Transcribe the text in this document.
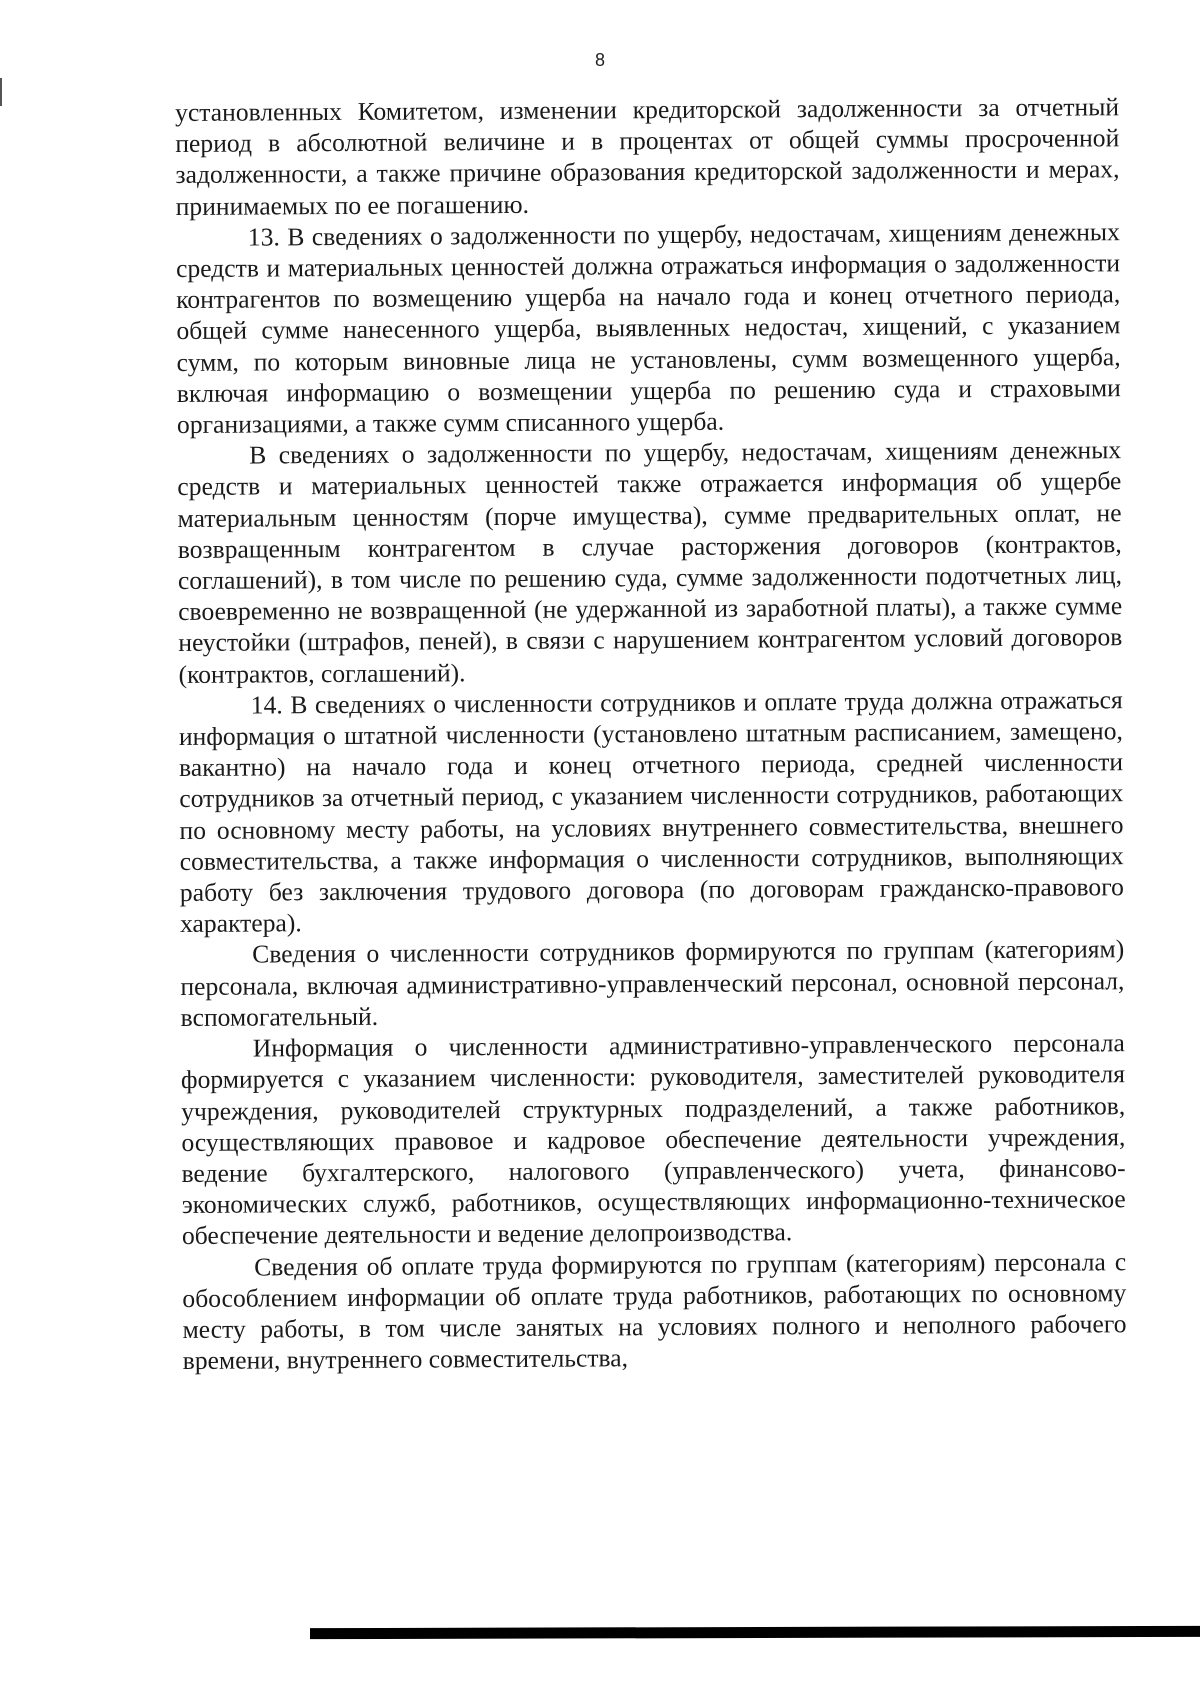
8

установленных Комитетом, изменении кредиторской задолженности за отчетный период в абсолютной величине и в процентах от общей суммы просроченной задолженности, а также причине образования кредиторской задолженности и мерах, принимаемых по ее погашению.

13. В сведениях о задолженности по ущербу, недостачам, хищениям денежных средств и материальных ценностей должна отражаться информация о задолженности контрагентов по возмещению ущерба на начало года и конец отчетного периода, общей сумме нанесенного ущерба, выявленных недостач, хищений, с указанием сумм, по которым виновные лица не установлены, сумм возмещенного ущерба, включая информацию о возмещении ущерба по решению суда и страховыми организациями, а также сумм списанного ущерба.

В сведениях о задолженности по ущербу, недостачам, хищениям денежных средств и материальных ценностей также отражается информация об ущербе материальным ценностям (порче имущества), сумме предварительных оплат, не возвращенным контрагентом в случае расторжения договоров (контрактов, соглашений), в том числе по решению суда, сумме задолженности подотчетных лиц, своевременно не возвращенной (не удержанной из заработной платы), а также сумме неустойки (штрафов, пеней), в связи с нарушением контрагентом условий договоров (контрактов, соглашений).

14. В сведениях о численности сотрудников и оплате труда должна отражаться информация о штатной численности (установлено штатным расписанием, замещено, вакантно) на начало года и конец отчетного периода, средней численности сотрудников за отчетный период, с указанием численности сотрудников, работающих по основному месту работы, на условиях внутреннего совместительства, внешнего совместительства, а также информация о численности сотрудников, выполняющих работу без заключения трудового договора (по договорам гражданско-правового характера).

Сведения о численности сотрудников формируются по группам (категориям) персонала, включая административно-управленческий персонал, основной персонал, вспомогательный.

Информация о численности административно-управленческого персонала формируется с указанием численности: руководителя, заместителей руководителя учреждения, руководителей структурных подразделений, а также работников, осуществляющих правовое и кадровое обеспечение деятельности учреждения, ведение бухгалтерского, налогового (управленческого) учета, финансово-экономических служб, работников, осуществляющих информационно-техническое обеспечение деятельности и ведение делопроизводства.

Сведения об оплате труда формируются по группам (категориям) персонала с обособлением информации об оплате труда работников, работающих по основному месту работы, в том числе занятых на условиях полного и неполного рабочего времени, внутреннего совместительства,
